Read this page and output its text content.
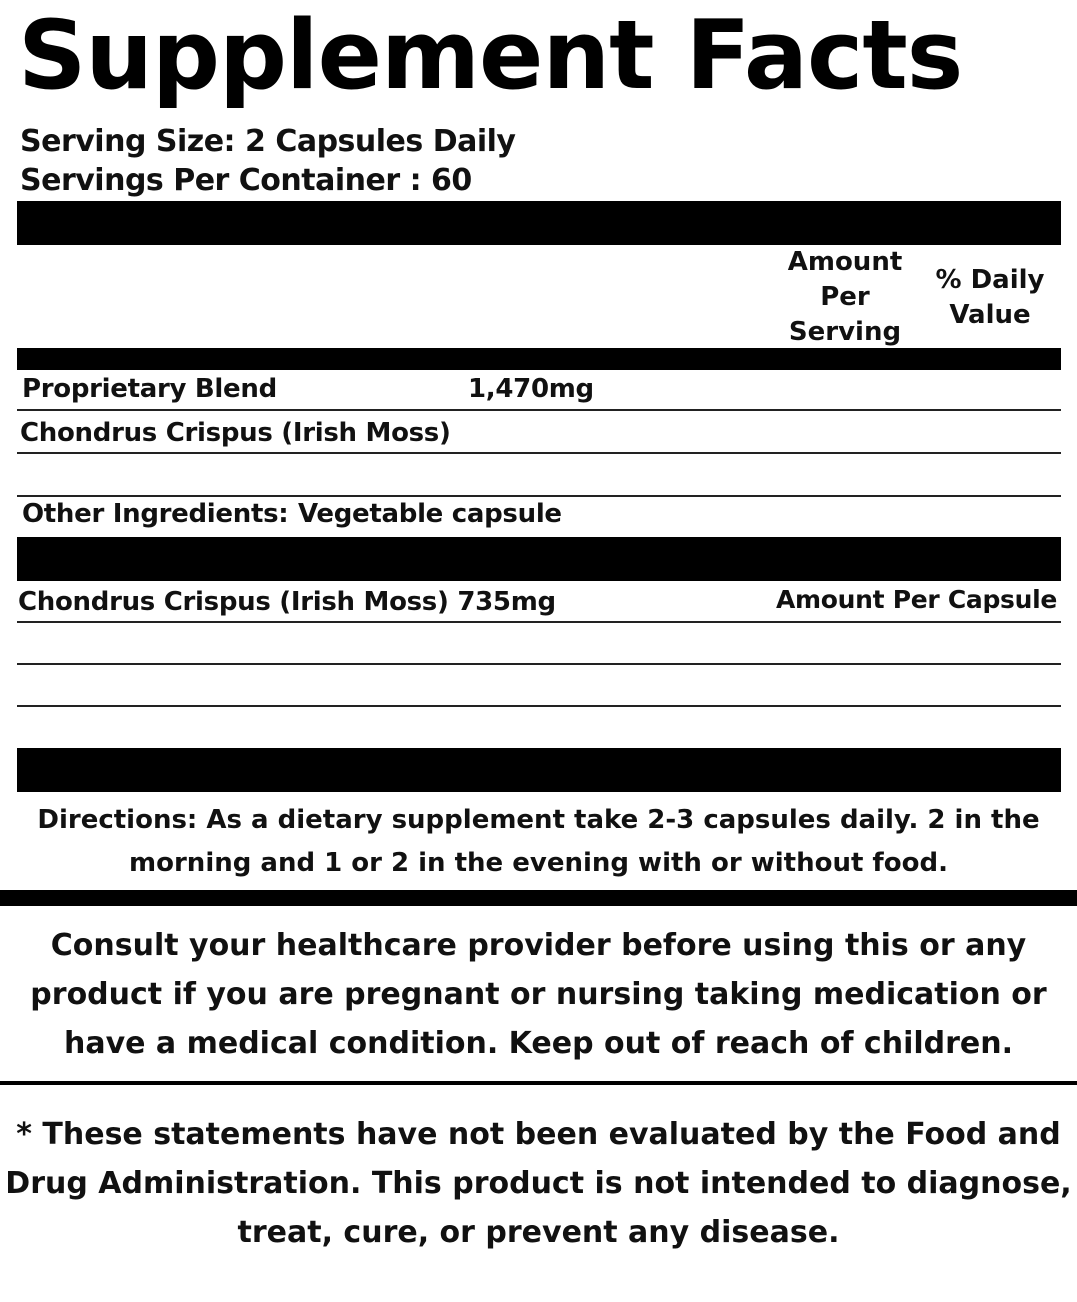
Supplement Facts
Serving Size: 2 Capsules Daily
Servings Per Container : 60
Amount
Per
Serving
% Daily
Value
Proprietary Blend	1,470mg
Chondrus Crispus (Irish Moss)
Other Ingredients: Vegetable capsule
Chondrus Crispus (Irish Moss) 735mg	Amount Per Capsule
Directions: As a dietary supplement take 2-3 capsules daily. 2 in the
morning and 1 or 2 in the evening with or without food.
Consult your healthcare provider before using this or any
product if you are pregnant or nursing taking medication or
have a medical condition. Keep out of reach of children.
* These statements have not been evaluated by the Food and
Drug Administration. This product is not intended to diagnose,
treat, cure, or prevent any disease.
